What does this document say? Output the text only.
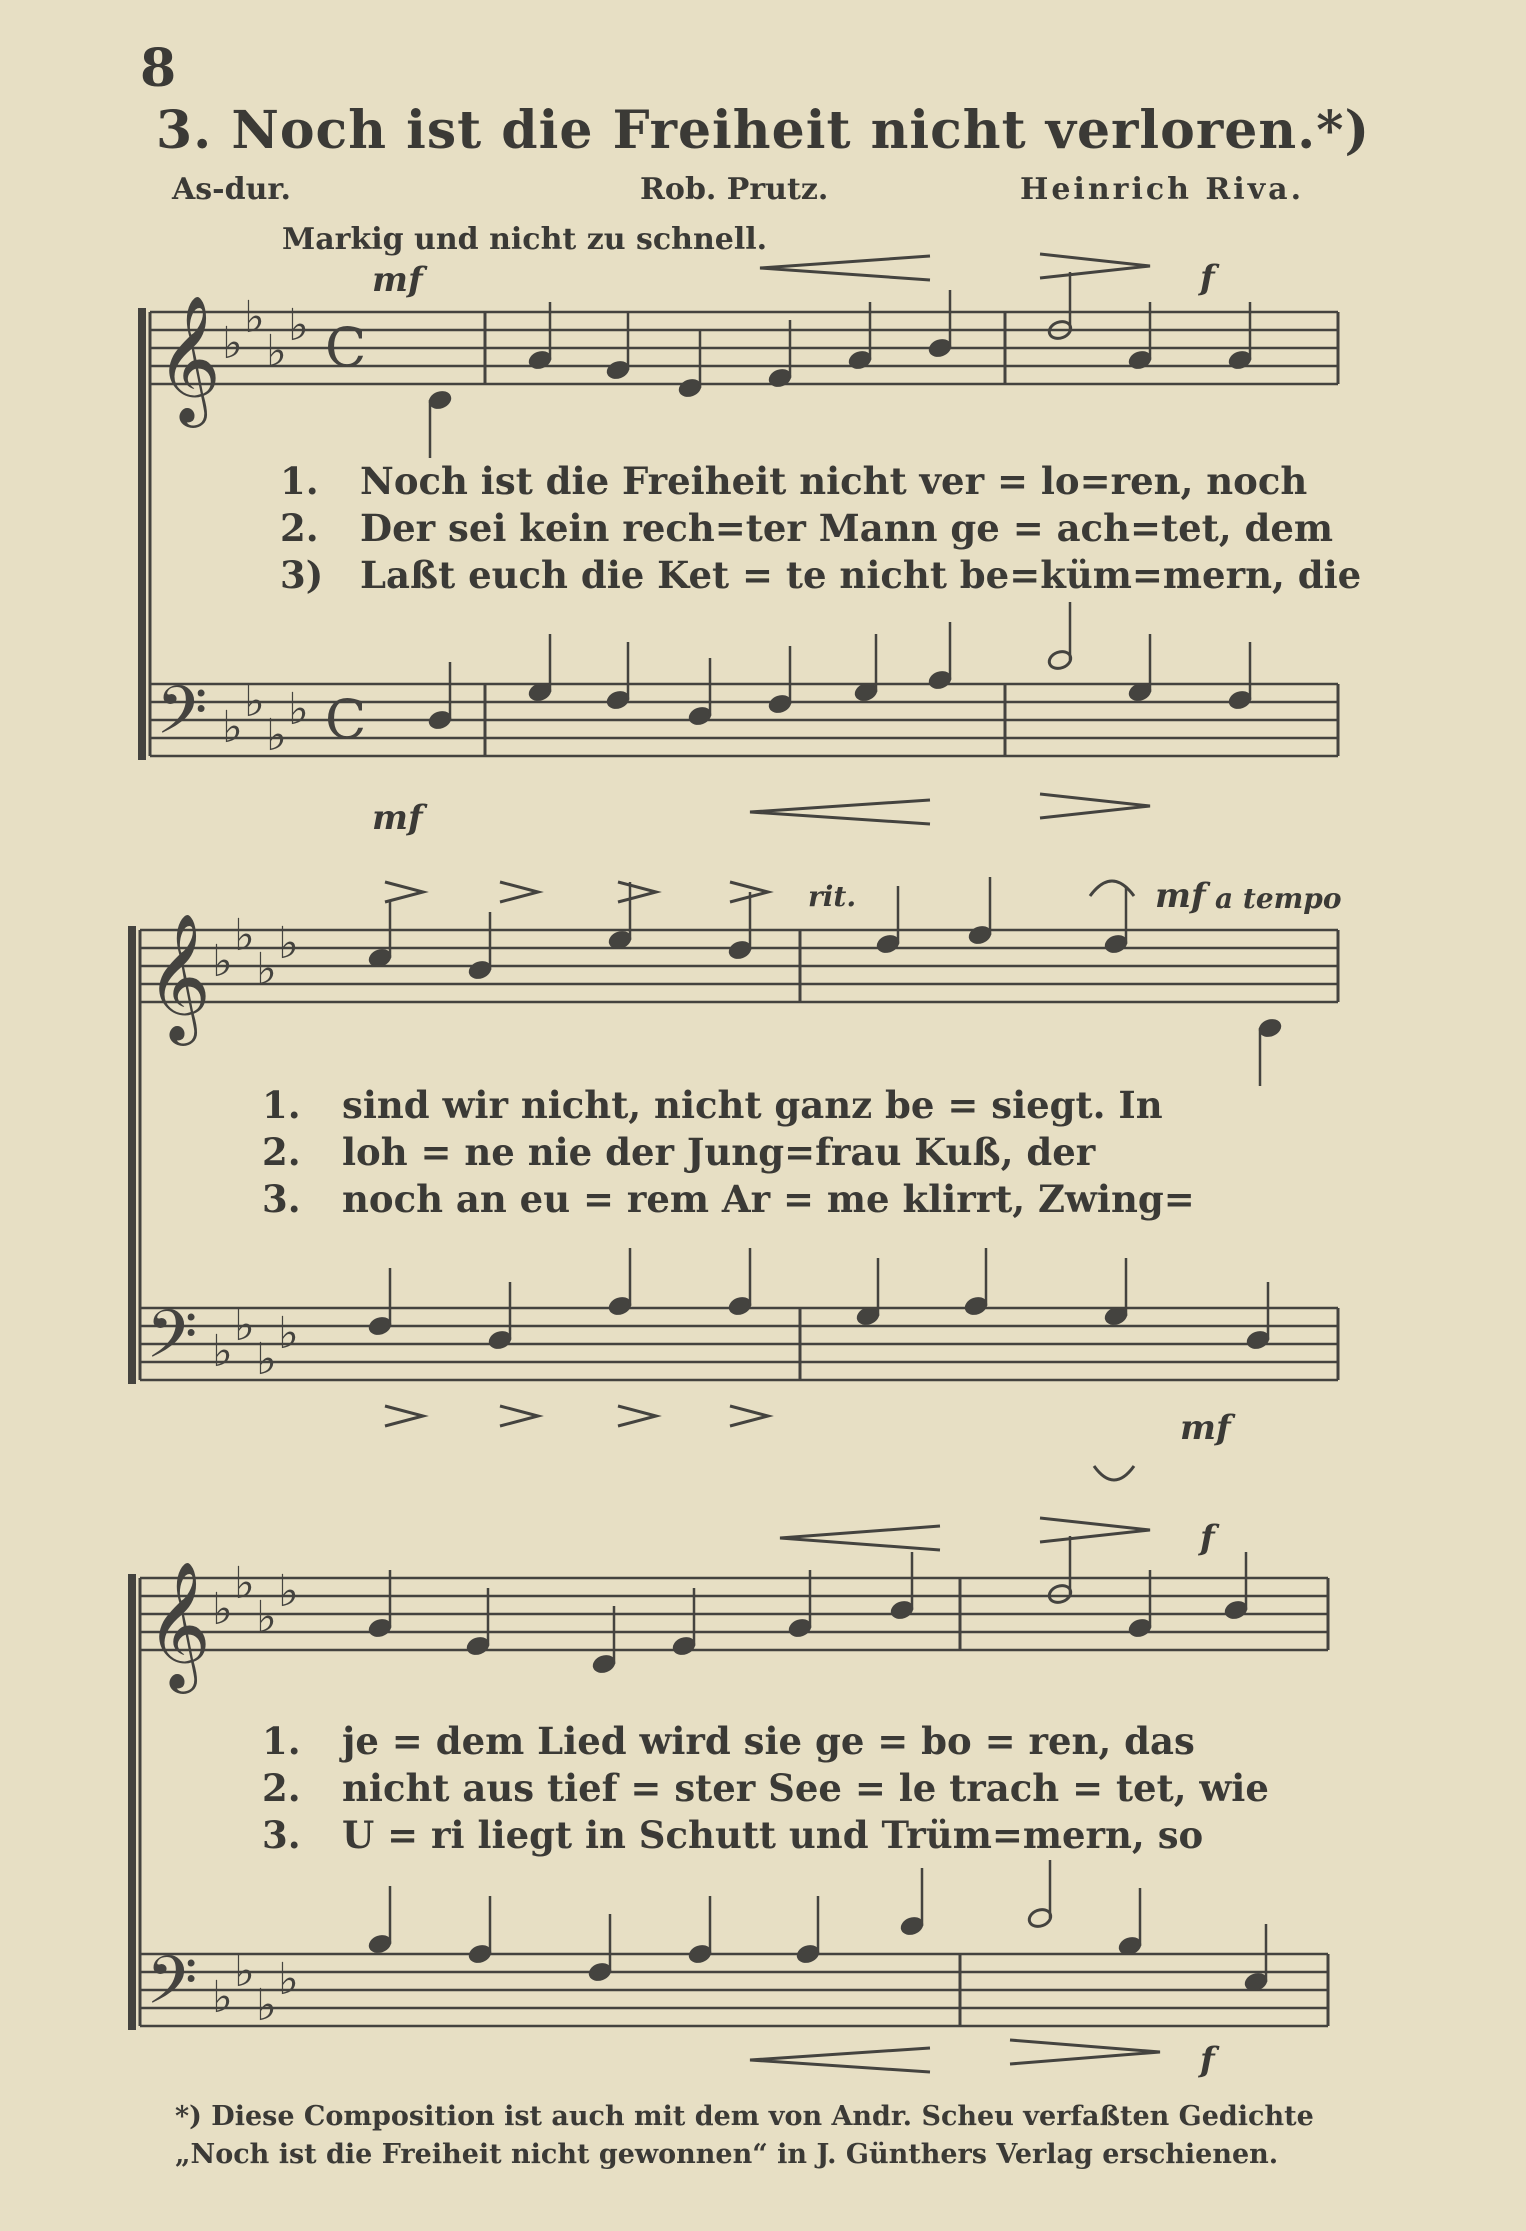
8
3. Noch ist die Freiheit nicht verloren.*)
As-dur.	Rob. Prutz.	Heinrich Riva.
Markig und nicht zu schnell.
mf	f
mf
rit.	mf a tempo
mf
f
f
1.	Noch ist die Freiheit nicht ver = lo=ren, noch
2.	Der sei kein rech=ter Mann ge = ach=tet, dem
3) Laßt euch die Ket = te nicht be=küm=mern, die
1.	sind wir nicht, nicht ganz be = siegt. In
2.	loh = ne nie der Jung=frau Kuß, der
3.	noch an eu = rem Ar = me klirrt, Zwing=
1.	je = dem Lied wird sie ge = bo = ren, das
2.	nicht aus tief = ster See = le trach = tet, wie
3.	U = ri liegt in Schutt und Trüm=mern, so
*) Diese Composition ist auch mit dem von Andr. Scheu verfaßten Gedichte
„Noch ist die Freiheit nicht gewonnen“ in J. Günthers Verlag erschienen.
𝄞
𝄢
♭
♭
♭
♭
♭
♭
♭
♭
C
C
𝄞
𝄢
♭
♭
♭
♭
♭
♭
♭
♭
𝄞
𝄢
♭
♭
♭
♭
♭
♭
♭
♭
